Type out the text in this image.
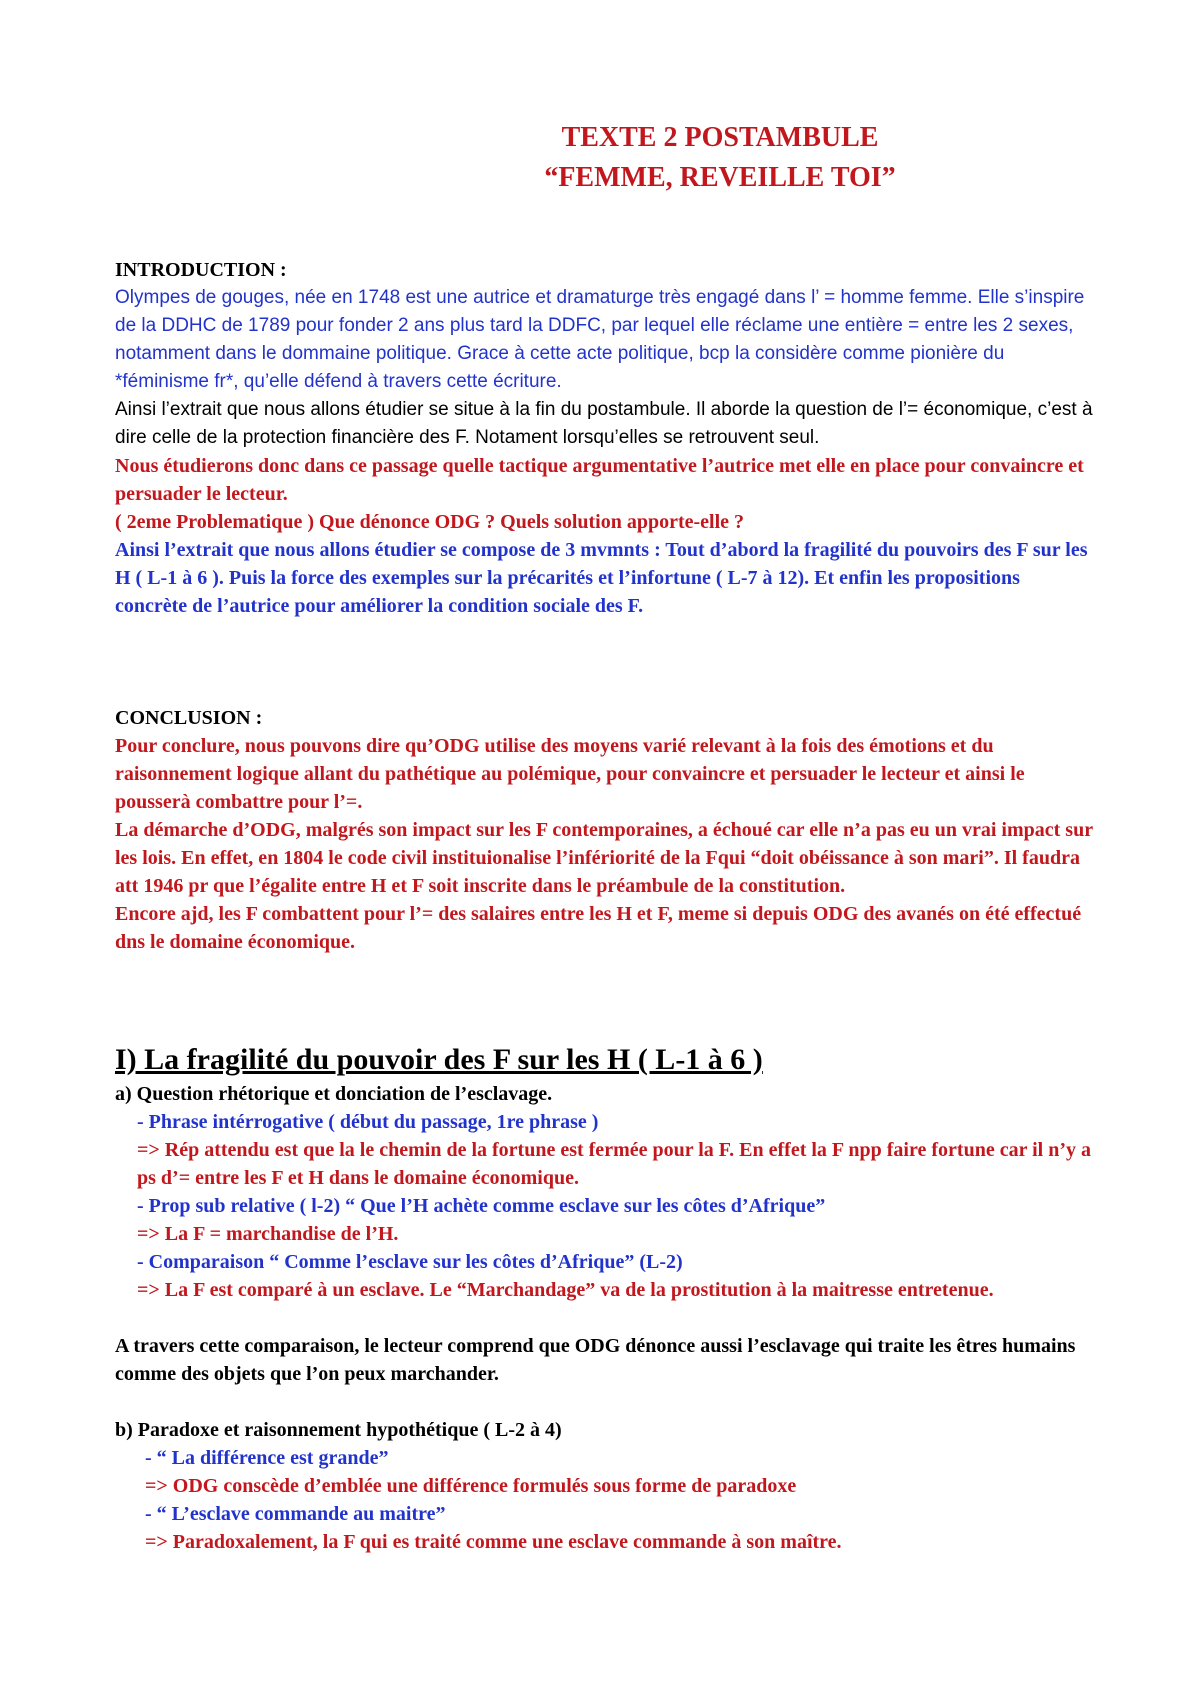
TEXTE 2 POSTAMBULE
“FEMME, REVEILLE TOI”

INTRODUCTION :

Olympes de gouges, née en 1748 est une autrice et dramaturge très engagé dans l’ = homme femme. Elle s’inspire de la DDHC de 1789 pour fonder 2 ans plus tard la DDFC, par lequel elle réclame une entière = entre les 2 sexes, notamment dans le dommaine politique. Grace à cette acte politique, bcp la considère comme pionière du *féminisme fr*, qu’elle défend à travers cette écriture.

Ainsi l’extrait que nous allons étudier se situe à la fin du postambule. Il aborde la question de l’= économique, c’est à dire celle de la protection financière des F. Notament lorsqu’elles se retrouvent seul.

Nous étudierons donc dans ce passage quelle tactique argumentative l’autrice met elle en place pour convaincre et persuader le lecteur.

( 2eme Problematique ) Que dénonce ODG ? Quels solution apporte-elle ?

Ainsi l’extrait que nous allons étudier se compose de 3 mvmnts : Tout d’abord la fragilité du pouvoirs des F sur les H ( L-1 à 6 ). Puis la force des exemples sur la précarités et l’infortune ( L-7 à 12). Et enfin les propositions concrète de l’autrice pour améliorer la condition sociale des F.

CONCLUSION :

Pour conclure, nous pouvons dire qu’ODG utilise des moyens varié relevant à la fois des émotions et du raisonnement logique allant du pathétique au polémique, pour convaincre et persuader le lecteur et ainsi le pousserà combattre pour l’=.

La démarche d’ODG, malgrés son impact sur les F contemporaines, a échoué car elle n’a pas eu un vrai impact sur les lois. En effet, en 1804 le code civil instituionalise l’infériorité de la Fqui “doit obéissance à son mari”. Il faudra att 1946 pr que l’égalite entre H et F soit inscrite dans le préambule de la constitution.

Encore ajd, les F combattent pour l’= des salaires entre les H et F, meme si depuis ODG des avanés on été effectué dns le domaine économique.

I) La fragilité du pouvoir des F sur les H ( L-1 à 6 )

a) Question rhétorique et donciation de l’esclavage.

- Phrase intérrogative ( début du passage, 1re phrase )

=> Rép attendu est que la le chemin de la fortune est fermée pour la F. En effet la F npp faire fortune car il n’y a ps d’= entre les F et H dans le domaine économique.

- Prop sub relative ( l-2) “ Que l’H achète comme esclave sur les côtes d’Afrique”

=> La F = marchandise de l’H.

- Comparaison “ Comme l’esclave sur les côtes d’Afrique” (L-2)

=> La F est comparé à un esclave. Le “Marchandage” va de la prostitution à la maitresse entretenue.

A travers cette comparaison, le lecteur comprend que ODG dénonce aussi l’esclavage qui traite les êtres humains comme des objets que l’on peux marchander.

b) Paradoxe et raisonnement hypothétique ( L-2 à 4)

- “ La différence est grande”

=> ODG conscède d’emblée une différence formulés sous forme de paradoxe

- “ L’esclave commande au maitre”

=> Paradoxalement, la F qui es traité comme une esclave commande à son maître.
